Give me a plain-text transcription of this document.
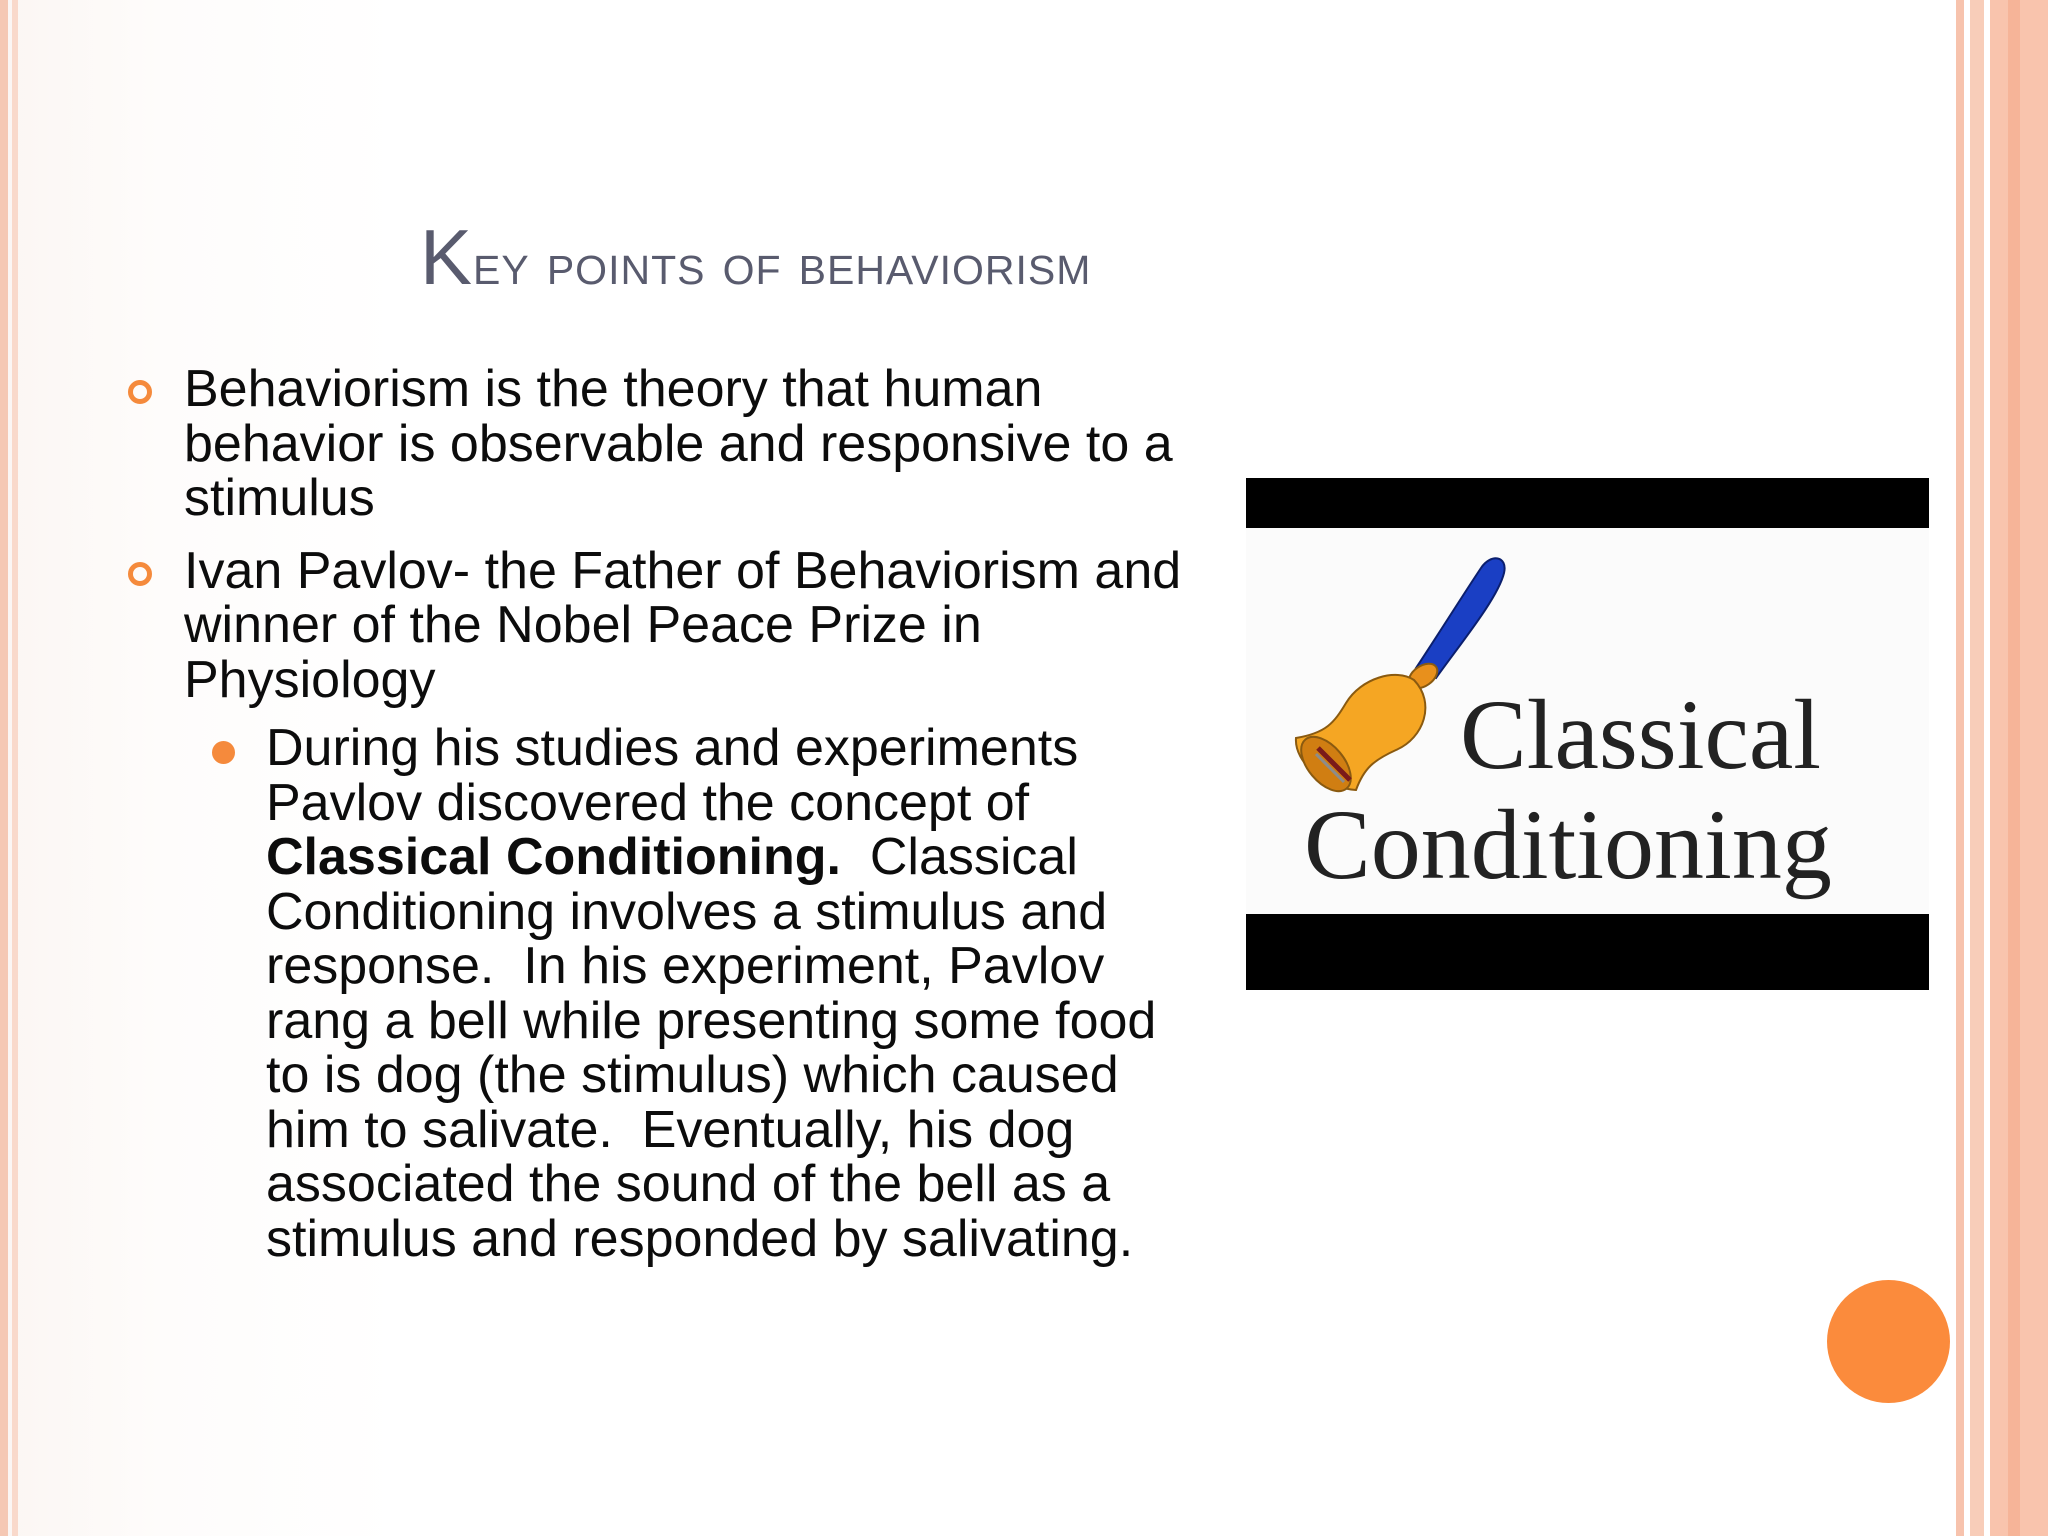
Key points of behaviorism
Behaviorism is the theory that human behavior is observable and responsive to a stimulus
Ivan Pavlov- the Father of Behaviorism and winner of the Nobel Peace Prize in Physiology
During his studies and experiments Pavlov discovered the concept of Classical Conditioning.  Classical Conditioning involves a stimulus and response.  In his experiment, Pavlov rang a bell while presenting some food to is dog (the stimulus) which caused him to salivate.  Eventually, his dog associated the sound of the bell as a stimulus and responded by salivating.
Classical
Conditioning
